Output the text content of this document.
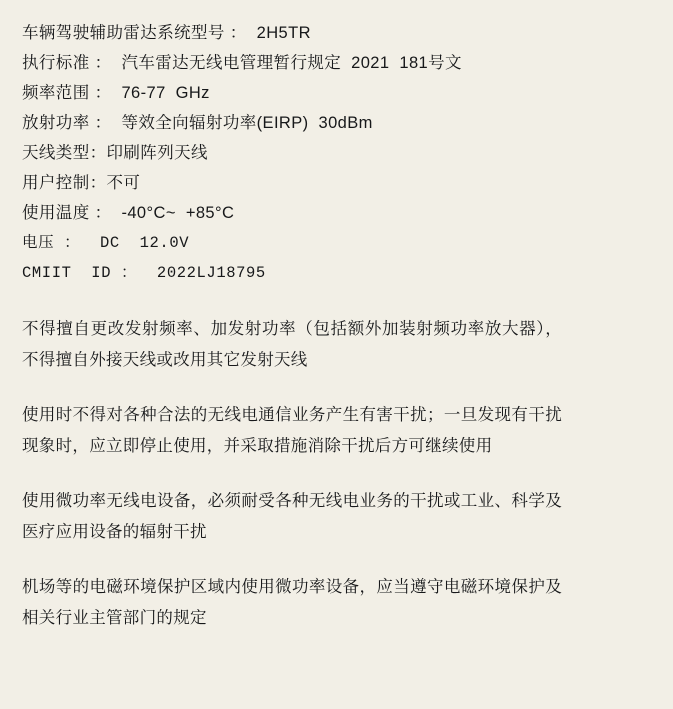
车辆驾驶辅助雷达系统型号 ：  2H5TR
执行标准 ：  汽车雷达无线电管理暂行规定  2021  181号文
频率范围 ：  76-77  GHz
放射功率 ：  等效全向辐射功率(EIRP)  30dBm
天线类型：印刷阵列天线
用户控制：不可
使用温度 ：  -40°C~  +85°C
电压 ：  DC  12.0V
CMIIT  ID ：  2022LJ18795

不得擅自更改发射频率、加发射功率（包括额外加装射频功率放大器），不得擅自外接天线或改用其它发射天线

使用时不得对各种合法的无线电通信业务产生有害干扰；一旦发现有干扰现象时，应立即停止使用，并采取措施消除干扰后方可继续使用

使用微功率无线电设备，必须耐受各种无线电业务的干扰或工业、科学及医疗应用设备的辐射干扰

机场等的电磁环境保护区域内使用微功率设备，应当遵守电磁环境保护及相关行业主管部门的规定
